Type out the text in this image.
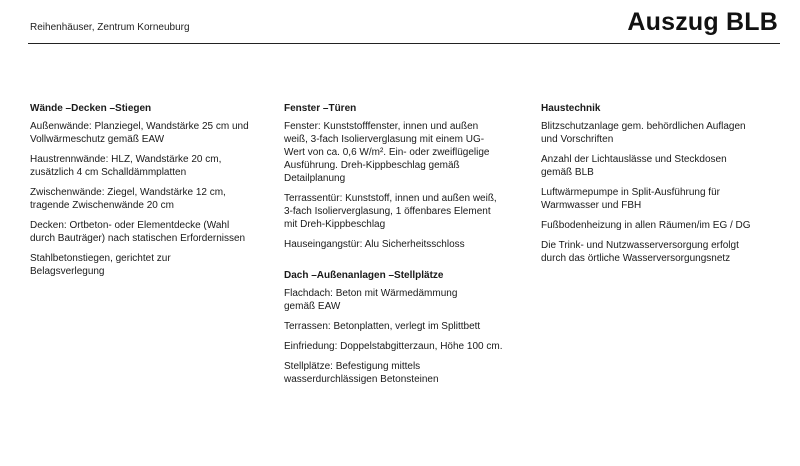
Reihenhäuser, Zentrum Korneuburg	Auszug BLB
Wände –Decken –Stiegen
Außenwände: Planziegel, Wandstärke 25 cm und
Vollwärmeschutz gemäß EAW
Haustrennwände: HLZ, Wandstärke 20 cm,
zusätzlich 4 cm Schalldämmplatten
Zwischenwände: Ziegel, Wandstärke 12 cm,
tragende Zwischenwände 20 cm
Decken: Ortbeton- oder Elementdecke (Wahl
durch Bauträger) nach statischen Erfordernissen
Stahlbetonstiegen, gerichtet zur
Belagsverlegung
Fenster –Türen
Fenster: Kunststofffenster, innen und außen
weiß, 3-fach Isolierverglasung mit einem UG-
Wert von ca. 0,6 W/m². Ein- oder zweiflügelige
Ausführung. Dreh-Kippbeschlag gemäß
Detailplanung
Terrassentür: Kunststoff, innen und außen weiß,
3-fach Isolierverglasung, 1 öffenbares Element
mit Dreh-Kippbeschlag
Hauseingangstür: Alu Sicherheitsschloss
Dach –Außenanlagen –Stellplätze
Flachdach: Beton mit Wärmedämmung
gemäß EAW
Terrassen: Betonplatten, verlegt im Splittbett
Einfriedung: Doppelstabgitterzaun, Höhe 100 cm.
Stellplätze: Befestigung mittels
wasserdurchlässigen Betonsteinen
Haustechnik
Blitzschutzanlage gem. behördlichen Auflagen
und Vorschriften
Anzahl der Lichtauslässe und Steckdosen
gemäß BLB
Luftwärmepumpe in Split-Ausführung für
Warmwasser und FBH
Fußbodenheizung in allen Räumen/im EG / DG
Die Trink- und Nutzwasserversorgung erfolgt
durch das örtliche Wasserversorgungsnetz
